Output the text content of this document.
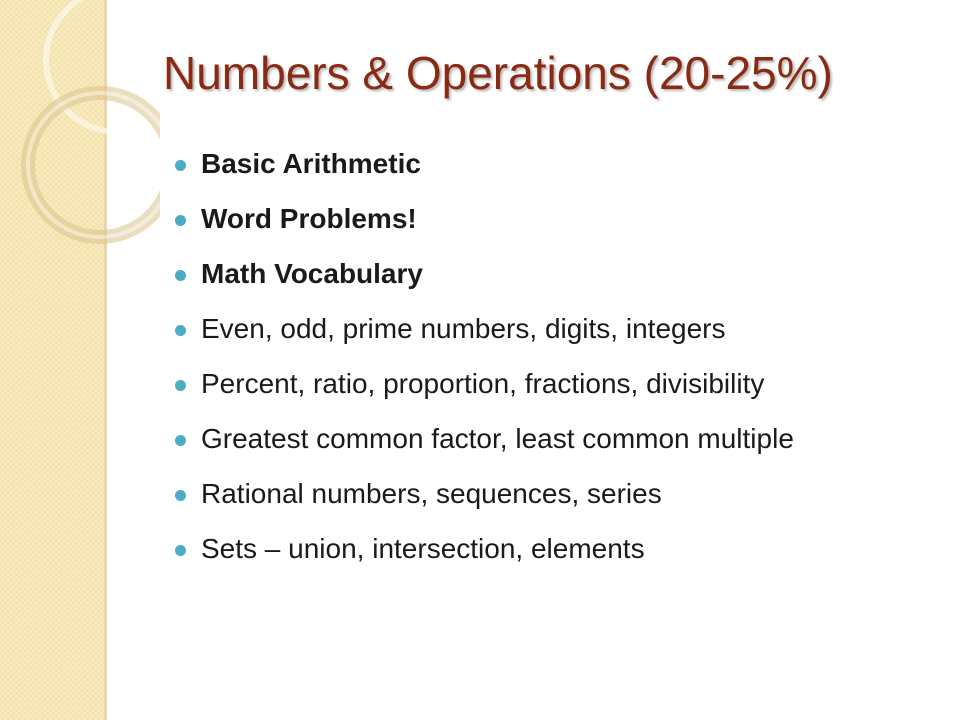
Numbers & Operations (20-25%)
Basic Arithmetic
Word Problems!
Math Vocabulary
Even, odd, prime numbers, digits, integers
Percent, ratio, proportion, fractions, divisibility
Greatest common factor, least common multiple
Rational numbers, sequences, series
Sets – union, intersection, elements
